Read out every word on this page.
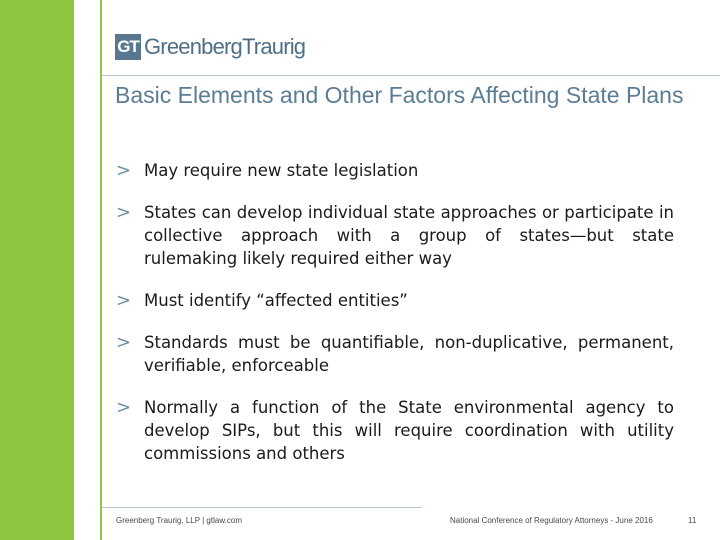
GT GreenbergTraurig
Basic Elements and Other Factors Affecting State Plans
> May require new state legislation
> States can develop individual state approaches or participate in collective approach with a group of states—but state rulemaking likely required either way
> Must identify “affected entities”
> Standards must be quantifiable, non-duplicative, permanent, verifiable, enforceable
> Normally a function of the State environmental agency to develop SIPs, but this will require coordination with utility commissions and others
Greenberg Traurig, LLP | gtlaw.com	National Conference of Regulatory Attorneys - June 2016	11
